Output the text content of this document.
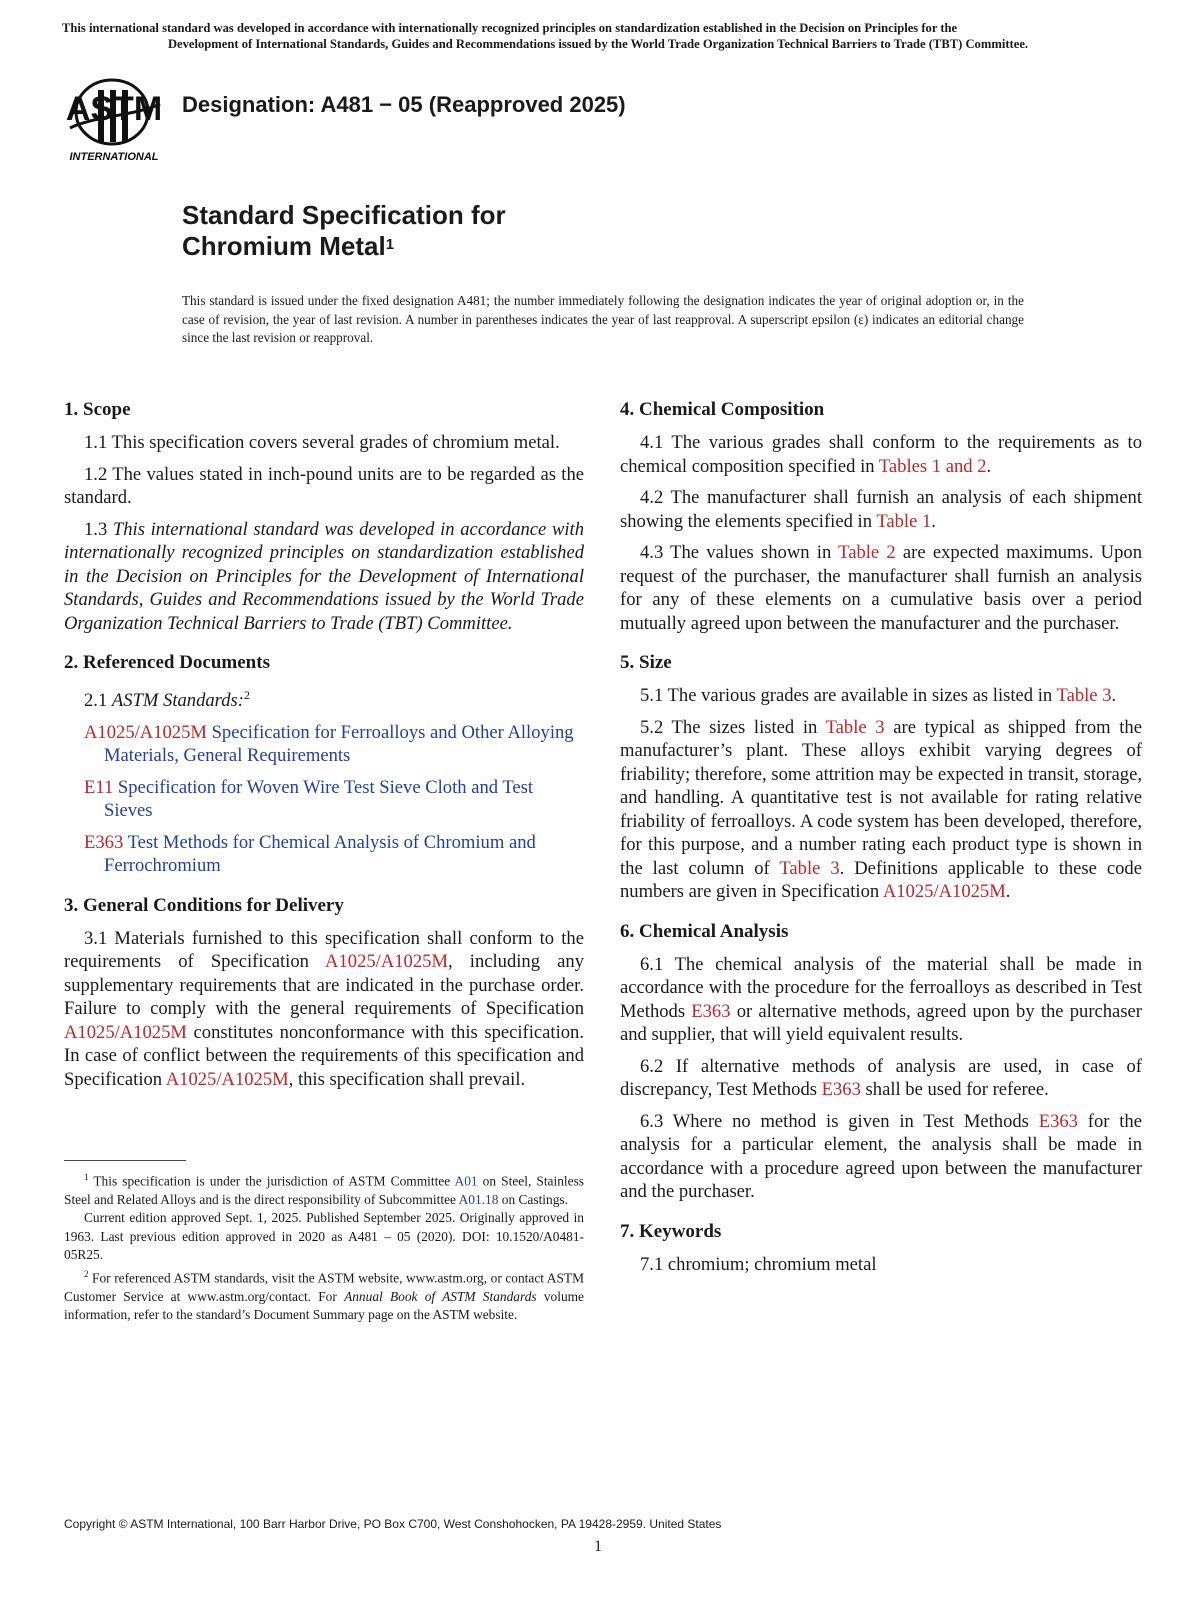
This international standard was developed in accordance with internationally recognized principles on standardization established in the Decision on Principles for the

Development of International Standards, Guides and Recommendations issued by the World Trade Organization Technical Barriers to Trade (TBT) Committee.

ASTM
INTERNATIONAL
Designation: A481 − 05 (Reapproved 2025)
Standard Specification for
Chromium Metal$^1$
This standard is issued under the fixed designation A481; the number immediately following the designation indicates the year of original adoption or, in the case of revision, the year of last revision. A number in parentheses indicates the year of last reapproval. A superscript epsilon (ε) indicates an editorial change since the last revision or reapproval.
1. Scope

1.1 This specification covers several grades of chromium metal.

1.2 The values stated in inch-pound units are to be regarded as the standard.

1.3 This international standard was developed in accordance with internationally recognized principles on standardization established in the Decision on Principles for the Development of International Standards, Guides and Recommendations issued by the World Trade Organization Technical Barriers to Trade (TBT) Committee.

2. Referenced Documents

2.1 ASTM Standards:$^2$

A1025/A1025M Specification for Ferroalloys and Other Alloying Materials, General Requirements

E11 Specification for Woven Wire Test Sieve Cloth and Test Sieves

E363 Test Methods for Chemical Analysis of Chromium and Ferrochromium

3. General Conditions for Delivery

3.1 Materials furnished to this specification shall conform to the requirements of Specification A1025/A1025M, including any supplementary requirements that are indicated in the purchase order. Failure to comply with the general requirements of Specification A1025/A1025M constitutes nonconformance with this specification. In case of conflict between the requirements of this specification and Specification A1025/A1025M, this specification shall prevail.

$^1$ This specification is under the jurisdiction of ASTM Committee A01 on Steel, Stainless Steel and Related Alloys and is the direct responsibility of Subcommittee A01.18 on Castings.

Current edition approved Sept. 1, 2025. Published September 2025. Originally approved in 1963. Last previous edition approved in 2020 as A481 – 05 (2020). DOI: 10.1520/A0481-05R25.

$^2$ For referenced ASTM standards, visit the ASTM website, www.astm.org, or contact ASTM Customer Service at www.astm.org/contact. For Annual Book of ASTM Standards volume information, refer to the standard’s Document Summary page on the ASTM website.

4. Chemical Composition

4.1 The various grades shall conform to the requirements as to chemical composition specified in Tables 1 and 2.

4.2 The manufacturer shall furnish an analysis of each shipment showing the elements specified in Table 1.

4.3 The values shown in Table 2 are expected maximums. Upon request of the purchaser, the manufacturer shall furnish an analysis for any of these elements on a cumulative basis over a period mutually agreed upon between the manufacturer and the purchaser.

5. Size

5.1 The various grades are available in sizes as listed in Table 3.

5.2 The sizes listed in Table 3 are typical as shipped from the manufacturer’s plant. These alloys exhibit varying degrees of friability; therefore, some attrition may be expected in transit, storage, and handling. A quantitative test is not available for rating relative friability of ferroalloys. A code system has been developed, therefore, for this purpose, and a number rating each product type is shown in the last column of Table 3. Definitions applicable to these code numbers are given in Specification A1025/A1025M.

6. Chemical Analysis

6.1 The chemical analysis of the material shall be made in accordance with the procedure for the ferroalloys as described in Test Methods E363 or alternative methods, agreed upon by the purchaser and supplier, that will yield equivalent results.

6.2 If alternative methods of analysis are used, in case of discrepancy, Test Methods E363 shall be used for referee.

6.3 Where no method is given in Test Methods E363 for the analysis for a particular element, the analysis shall be made in accordance with a procedure agreed upon between the manufacturer and the purchaser.

7. Keywords

7.1 chromium; chromium metal

Copyright © ASTM International, 100 Barr Harbor Drive, PO Box C700, West Conshohocken, PA 19428-2959. United States
1
